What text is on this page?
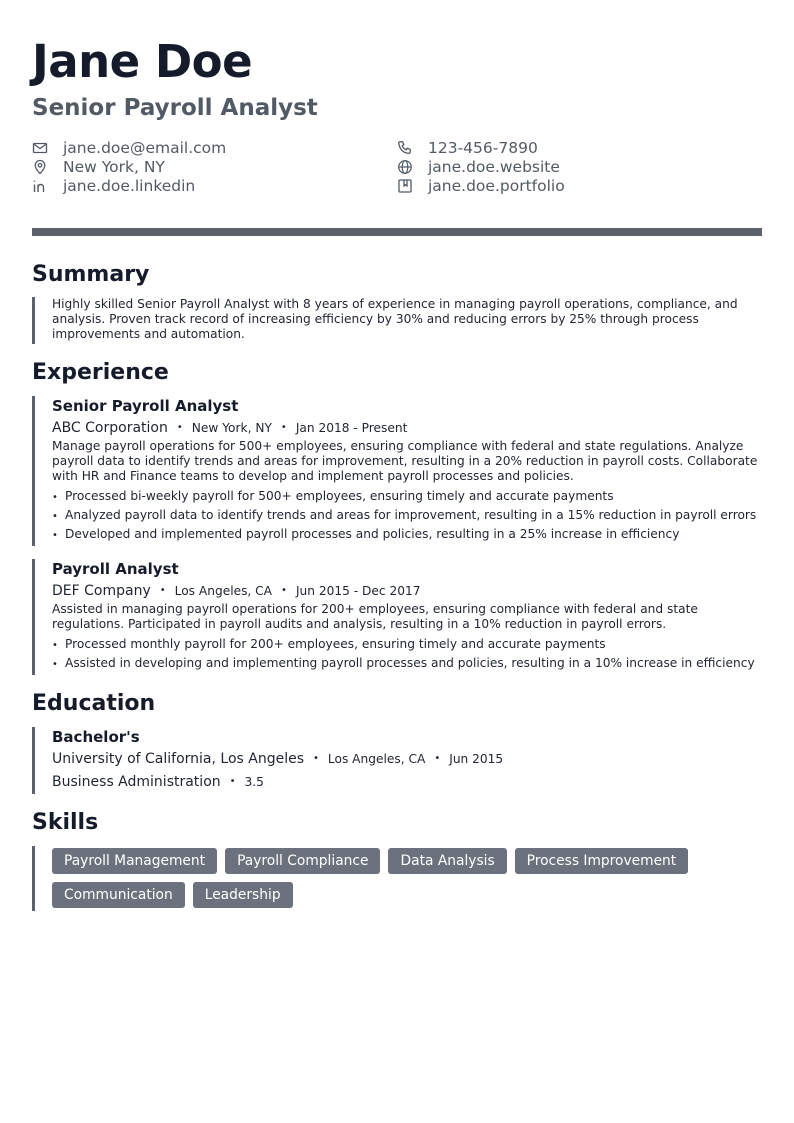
Jane Doe
Senior Payroll Analyst
jane.doe@email.com	123-456-7890
New York, NY	jane.doe.website
jane.doe.linkedin	jane.doe.portfolio
Summary
Highly skilled Senior Payroll Analyst with 8 years of experience in managing payroll operations, compliance, and analysis. Proven track record of increasing efficiency by 30% and reducing errors by 25% through process improvements and automation.
Experience
Senior Payroll Analyst
ABC Corporation • New York, NY • Jan 2018 - Present
Manage payroll operations for 500+ employees, ensuring compliance with federal and state regulations. Analyze payroll data to identify trends and areas for improvement, resulting in a 20% reduction in payroll costs. Collaborate with HR and Finance teams to develop and implement payroll processes and policies.
• Processed bi-weekly payroll for 500+ employees, ensuring timely and accurate payments
• Analyzed payroll data to identify trends and areas for improvement, resulting in a 15% reduction in payroll errors
• Developed and implemented payroll processes and policies, resulting in a 25% increase in efficiency
Payroll Analyst
DEF Company • Los Angeles, CA • Jun 2015 - Dec 2017
Assisted in managing payroll operations for 200+ employees, ensuring compliance with federal and state regulations. Participated in payroll audits and analysis, resulting in a 10% reduction in payroll errors.
• Processed monthly payroll for 200+ employees, ensuring timely and accurate payments
• Assisted in developing and implementing payroll processes and policies, resulting in a 10% increase in efficiency
Education
Bachelor's
University of California, Los Angeles • Los Angeles, CA • Jun 2015
Business Administration • 3.5
Skills
Payroll Management	Payroll Compliance	Data Analysis	Process Improvement
Communication	Leadership
